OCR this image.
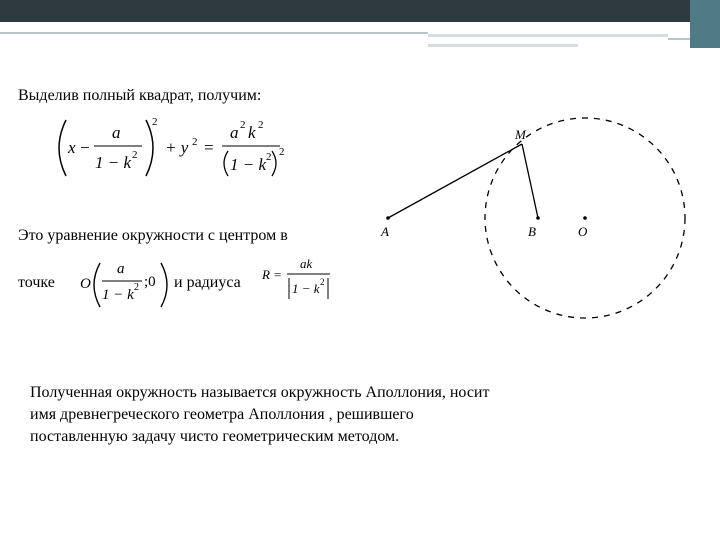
Выделив полный квадрат, получим:
x −
a
1 − k 2
2
+ y 2 =
a 2 k 2
1 − k 2 2
O
a
1 − k 2 ;0	R =
ak
1 − k 2
M
A	B	O
Это уравнение окружности с центром в
точке	и радиуса
Полученная окружность называется окружность Аполлония, носит имя древнегреческого геометра Аполлония , решившего поставленную задачу чисто геометрическим методом.
